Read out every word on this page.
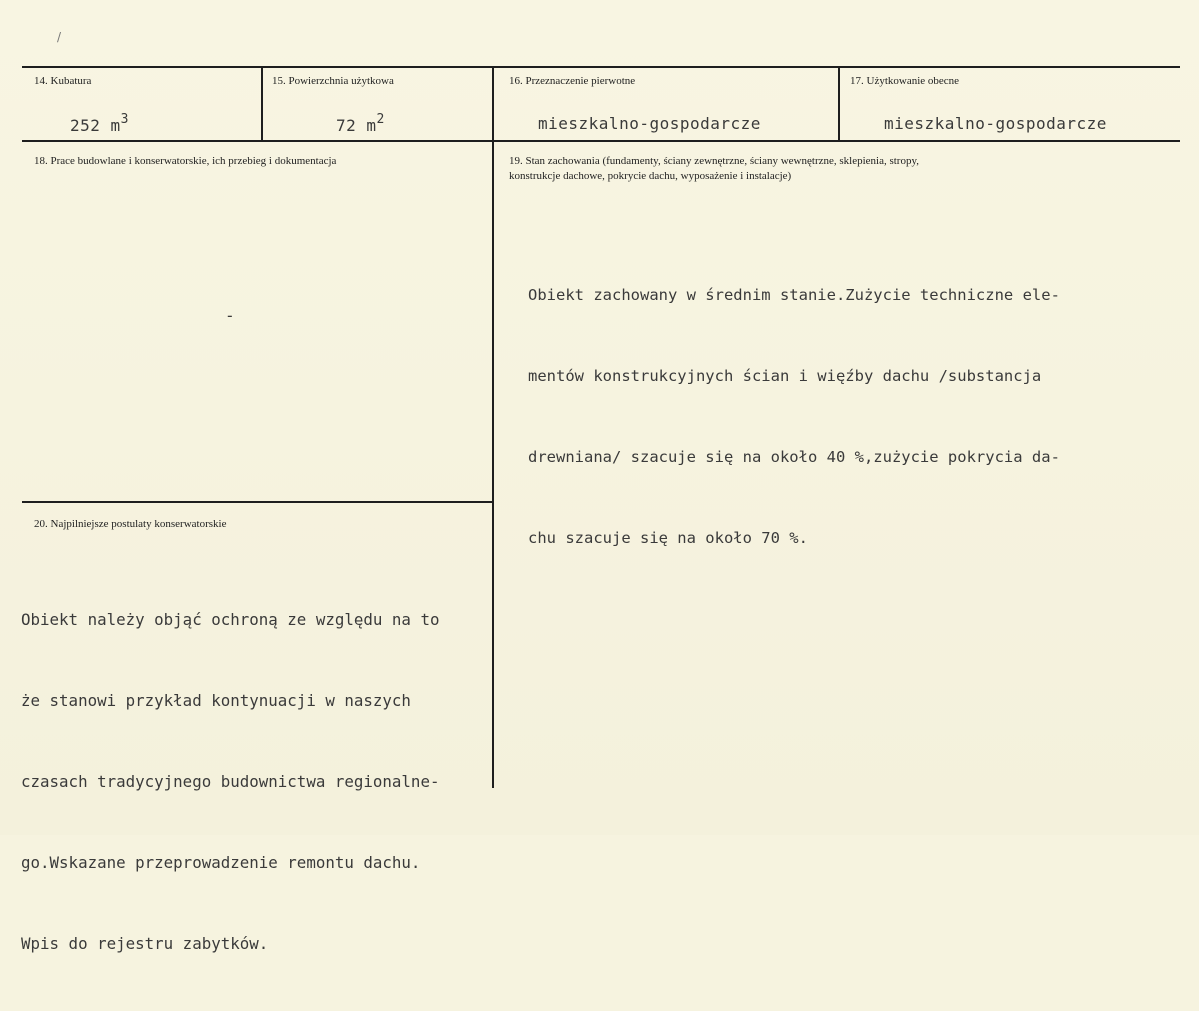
/
14. Kubatura
252 $m^3$
15. Powierzchnia użytkowa
72 $m^2$
16. Przeznaczenie pierwotne
mieszkalno-gospodarcze
17. Użytkowanie obecne
mieszkalno-gospodarcze
18. Prace budowlane i konserwatorskie, ich przebieg i dokumentacja
-
19. Stan zachowania (fundamenty, ściany zewnętrzne, ściany wewnętrzne, sklepienia, stropy,
konstrukcje dachowe, pokrycie dachu, wyposażenie i instalacje)

Obiekt zachowany w średnim stanie.Zużycie techniczne ele-

mentów konstrukcyjnych ścian i więźby dachu /substancja

drewniana/ szacuje się na około 40 %,zużycie pokrycia da-

chu szacuje się na około 70 %.

20. Najpilniejsze postulaty konserwatorskie

Obiekt należy objąć ochroną ze względu na to

że stanowi przykład kontynuacji w naszych

czasach tradycyjnego budownictwa regionalne-

go.Wskazane przeprowadzenie remontu dachu.

Wpis do rejestru zabytków.
